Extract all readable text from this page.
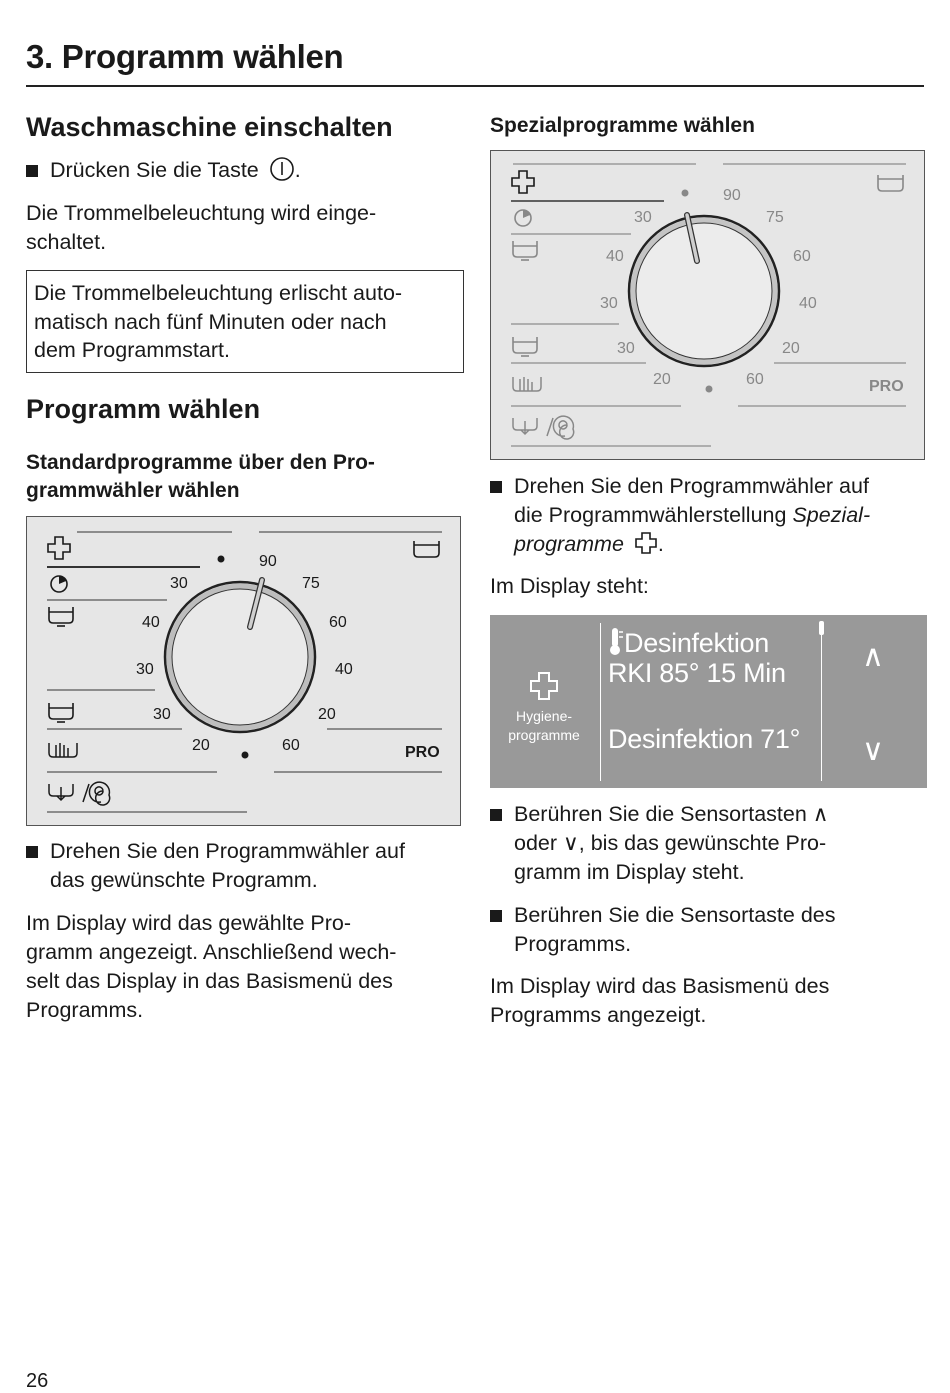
3. Programm wählen
Waschmaschine einschalten
Drücken Sie die Taste .
Die Trommelbeleuchtung wird einge-
schaltet.
Die Trommelbeleuchtung erlischt auto-
matisch nach fünf Minuten oder nach
dem Programmstart.
Programm wählen
Standardprogramme über den Pro-
grammwähler wählen
30
40
30
30
20
90
75
60
40
20
60	PRO
Drehen Sie den Programmwähler auf
das gewünschte Programm.
Im Display wird das gewählte Pro-
gramm angezeigt. Anschließend wech-
selt das Display in das Basismenü des
Programms.
Spezialprogramme wählen
30
40
30
30
20
90
75
60
40
20
60	PRO
Drehen Sie den Programmwähler auf
die Programmwählerstellung Spezial-
programme .
Im Display steht:
Hygiene-
programme
Desinfektion
RKI 85° 15 Min
Desinfektion 71°
∧
∨
Berühren Sie die Sensortasten ∧
oder ∨, bis das gewünschte Pro-
gramm im Display steht.
Berühren Sie die Sensortaste des
Programms.
Im Display wird das Basismenü des
Programms angezeigt.
26
